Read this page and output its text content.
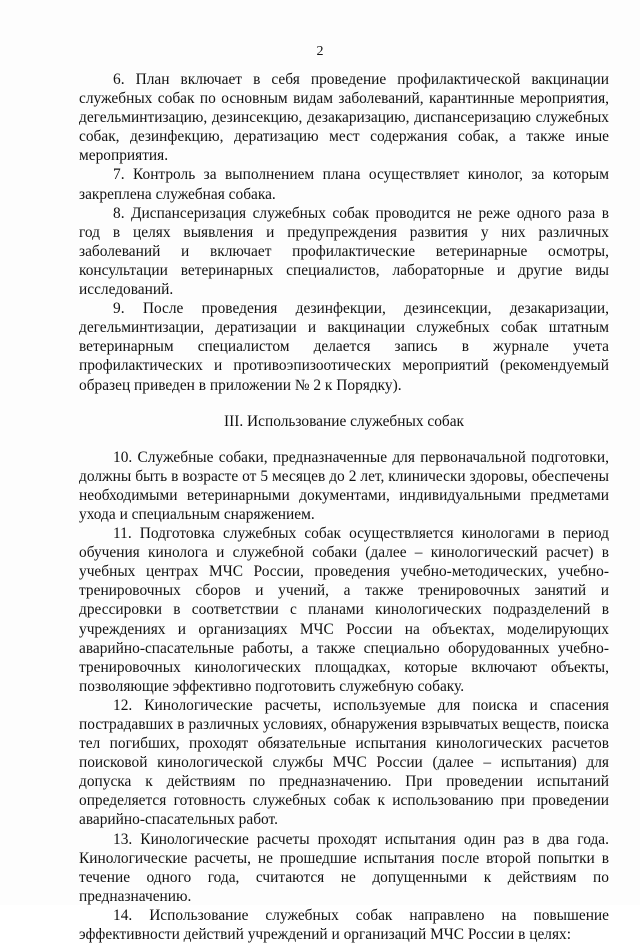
2

6. План включает в себя проведение профилактической вакцинации служебных собак по основным видам заболеваний, карантинные мероприятия, дегельминтизацию, дезинсекцию, дезакаризацию, диспансеризацию служебных собак, дезинфекцию, дератизацию мест содержания собак, а также иные мероприятия.

7. Контроль за выполнением плана осуществляет кинолог, за которым закреплена служебная собака.

8. Диспансеризация служебных собак проводится не реже одного раза в год в целях выявления и предупреждения развития у них различных заболеваний и включает профилактические ветеринарные осмотры, консультации ветеринарных специалистов, лабораторные и другие виды исследований.

9. После проведения дезинфекции, дезинсекции, дезакаризации, дегельминтизации, дератизации и вакцинации служебных собак штатным ветеринарным специалистом делается запись в журнале учета профилактических и противоэпизоотических мероприятий (рекомендуемый образец приведен в приложении № 2 к Порядку).

III. Использование служебных собак

10. Служебные собаки, предназначенные для первоначальной подготовки, должны быть в возрасте от 5 месяцев до 2 лет, клинически здоровы, обеспечены необходимыми ветеринарными документами, индивидуальными предметами ухода и специальным снаряжением.

11. Подготовка служебных собак осуществляется кинологами в период обучения кинолога и служебной собаки (далее – кинологический расчет) в учебных центрах МЧС России, проведения учебно-методических, учебно-тренировочных сборов и учений, а также тренировочных занятий и дрессировки в соответствии с планами кинологических подразделений в учреждениях и организациях МЧС России на объектах, моделирующих аварийно-спасательные работы, а также специально оборудованных учебно-тренировочных кинологических площадках, которые включают объекты, позволяющие эффективно подготовить служебную собаку.

12. Кинологические расчеты, используемые для поиска и спасения пострадавших в различных условиях, обнаружения взрывчатых веществ, поиска тел погибших, проходят обязательные испытания кинологических расчетов поисковой кинологической службы МЧС России (далее – испытания) для допуска к действиям по предназначению. При проведении испытаний определяется готовность служебных собак к использованию при проведении аварийно-спасательных работ.

13. Кинологические расчеты проходят испытания один раз в два года. Кинологические расчеты, не прошедшие испытания после второй попытки в течение одного года, считаются не допущенными к действиям по предназначению.

14. Использование служебных собак направлено на повышение эффективности действий учреждений и организаций МЧС России в целях:
